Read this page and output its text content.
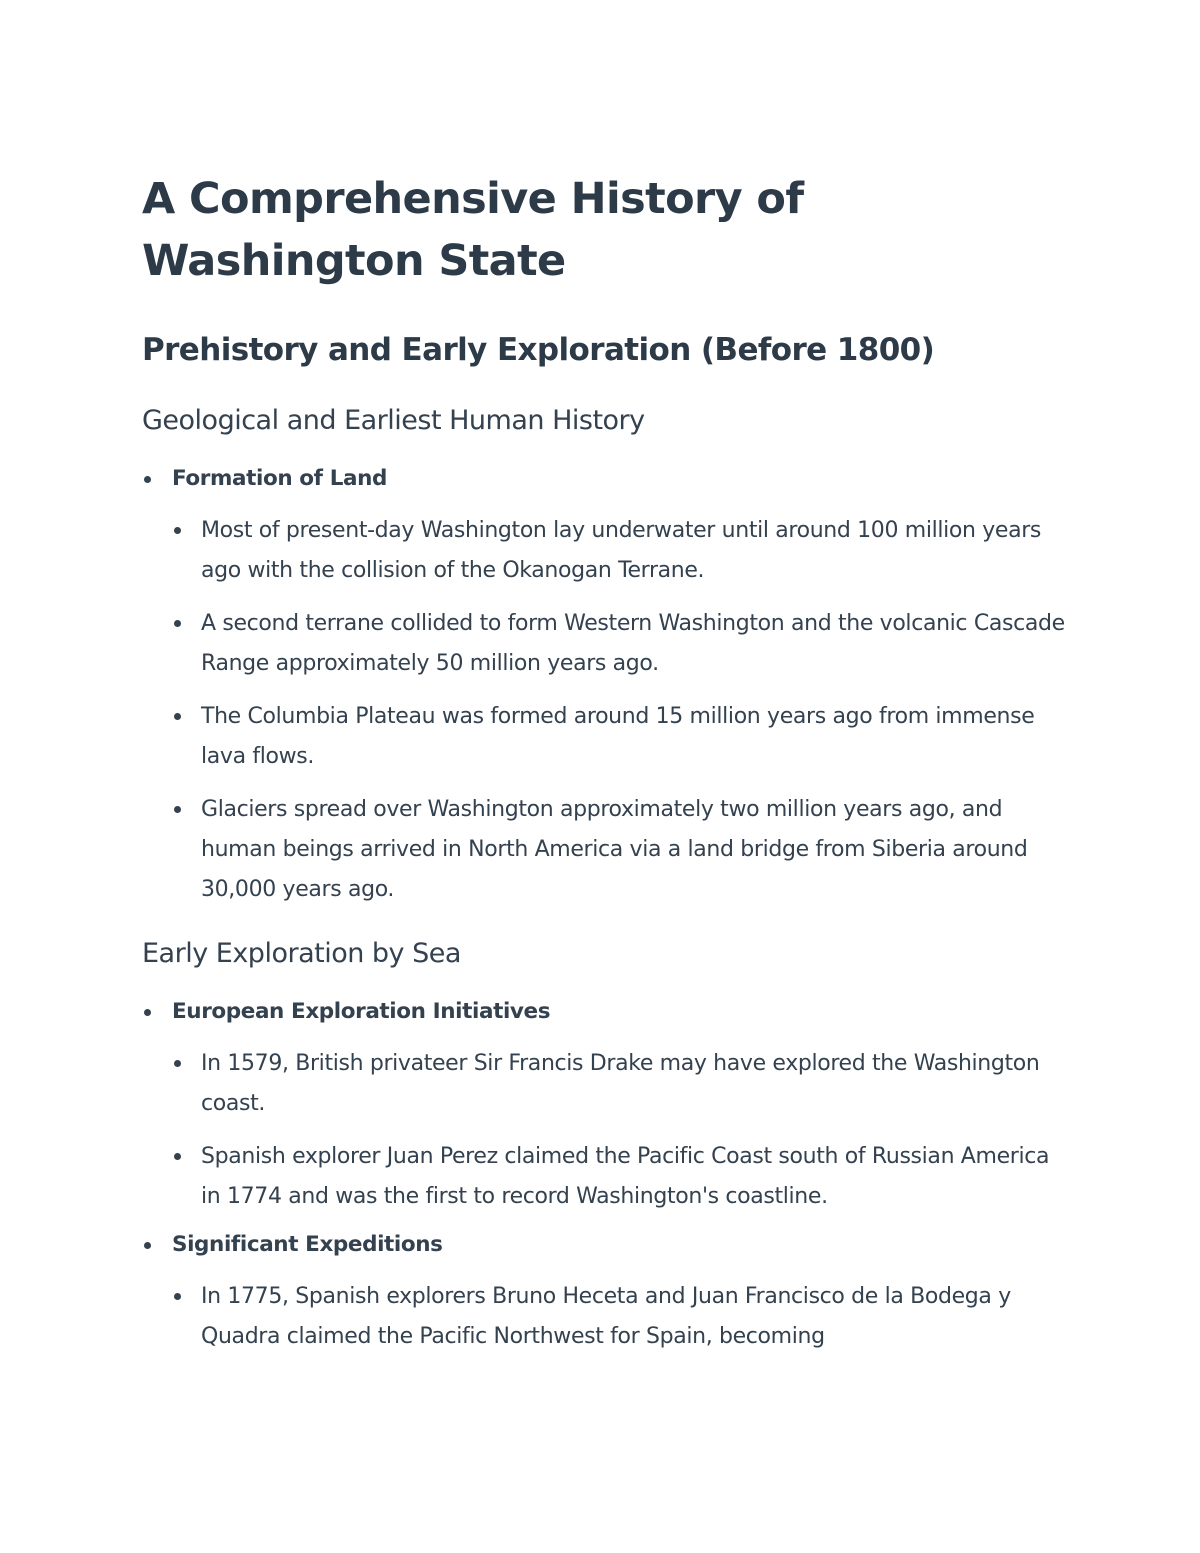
A Comprehensive History of Washington State
Prehistory and Early Exploration (Before 1800)
Geological and Earliest Human History
Formation of Land
Most of present-day Washington lay underwater until around 100 million years ago with the collision of the Okanogan Terrane.
A second terrane collided to form Western Washington and the volcanic Cascade Range approximately 50 million years ago.
The Columbia Plateau was formed around 15 million years ago from immense lava flows.
Glaciers spread over Washington approximately two million years ago, and human beings arrived in North America via a land bridge from Siberia around 30,000 years ago.
Early Exploration by Sea
European Exploration Initiatives
In 1579, British privateer Sir Francis Drake may have explored the Washington coast.
Spanish explorer Juan Perez claimed the Pacific Coast south of Russian America in 1774 and was the first to record Washington's coastline.
Significant Expeditions
In 1775, Spanish explorers Bruno Heceta and Juan Francisco de la Bodega y Quadra claimed the Pacific Northwest for Spain, becoming
